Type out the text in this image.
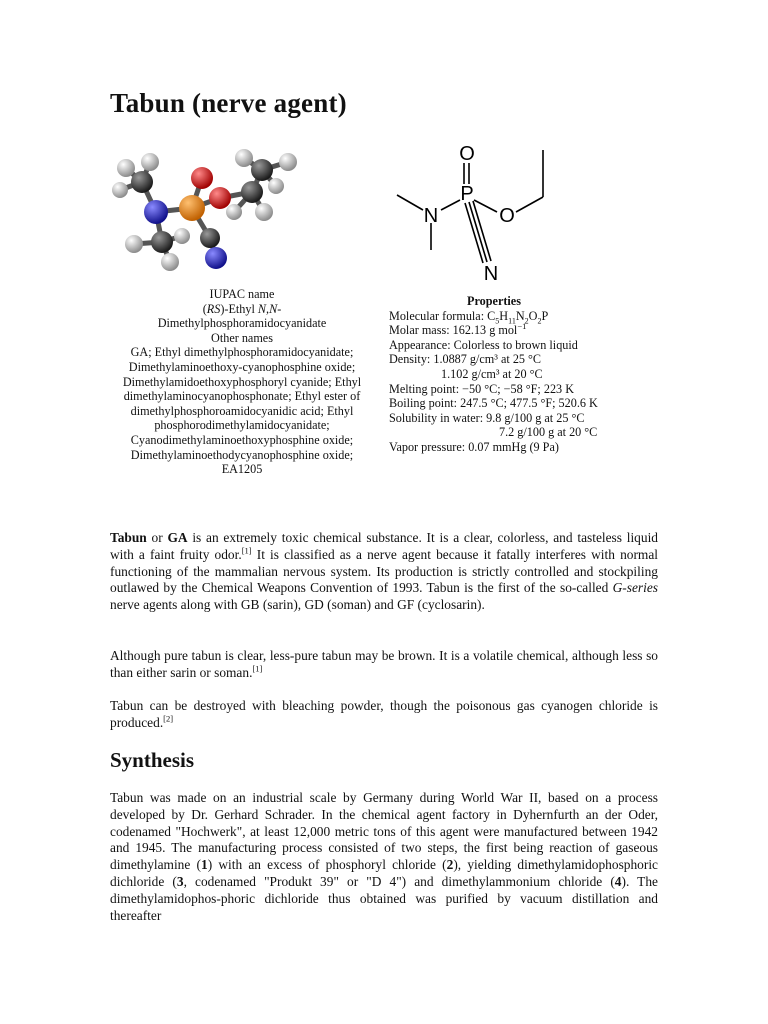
Tabun (nerve agent)
O
P
N	O
N
IUPAC name
(RS)-Ethyl N,N-
Dimethylphosphoramidocyanidate
Other names
GA; Ethyl dimethylphosphoramidocyanidate;
Dimethylaminoethoxy-cyanophosphine oxide;
Dimethylamidoethoxyphosphoryl cyanide; Ethyl
dimethylaminocyanophosphonate; Ethyl ester of
dimethylphosphoroamidocyanidic acid; Ethyl
phosphorodimethylamidocyanidate;
Cyanodimethylaminoethoxyphosphine oxide;
Dimethylaminoethodycyanophosphine oxide;
EA1205
Properties
Molecular formula: $C_5H_{11}N_2O_2P$
Molar mass: 162.13 g mol$^{-1}$
Appearance: Colorless to brown liquid
Density: 1.0887 g/cm³ at 25 °C
1.102 g/cm³ at 20 °C
Melting point: −50 °C; −58 °F; 223 K
Boiling point: 247.5 °C; 477.5 °F; 520.6 K
Solubility in water: 9.8 g/100 g at 25 °C
7.2 g/100 g at 20 °C
Vapor pressure: 0.07 mmHg (9 Pa)

Tabun or GA is an extremely toxic chemical substance. It is a clear, colorless, and tasteless liquid with a faint fruity odor.[1] It is classified as a nerve agent because it fatally interferes with normal functioning of the mammalian nervous system. Its production is strictly controlled and stockpiling outlawed by the Chemical Weapons Convention of 1993. Tabun is the first of the so-called G-series nerve agents along with GB (sarin), GD (soman) and GF (cyclosarin).

Although pure tabun is clear, less-pure tabun may be brown. It is a volatile chemical, although less so than either sarin or soman.[1]

Tabun can be destroyed with bleaching powder, though the poisonous gas cyanogen chloride is produced.[2]

Synthesis

Tabun was made on an industrial scale by Germany during World War II, based on a process developed by Dr. Gerhard Schrader. In the chemical agent factory in Dyhernfurth an der Oder, codenamed "Hochwerk", at least 12,000 metric tons of this agent were manufactured between 1942 and 1945. The manufacturing process consisted of two steps, the first being reaction of gaseous dimethylamine (1) with an excess of phosphoryl chloride (2), yielding dimethylamidophosphoric dichloride (3, codenamed "Produkt 39" or "D 4") and dimethylammonium chloride (4). The dimethylamidophos-phoric dichloride thus obtained was purified by vacuum distillation and thereafter
